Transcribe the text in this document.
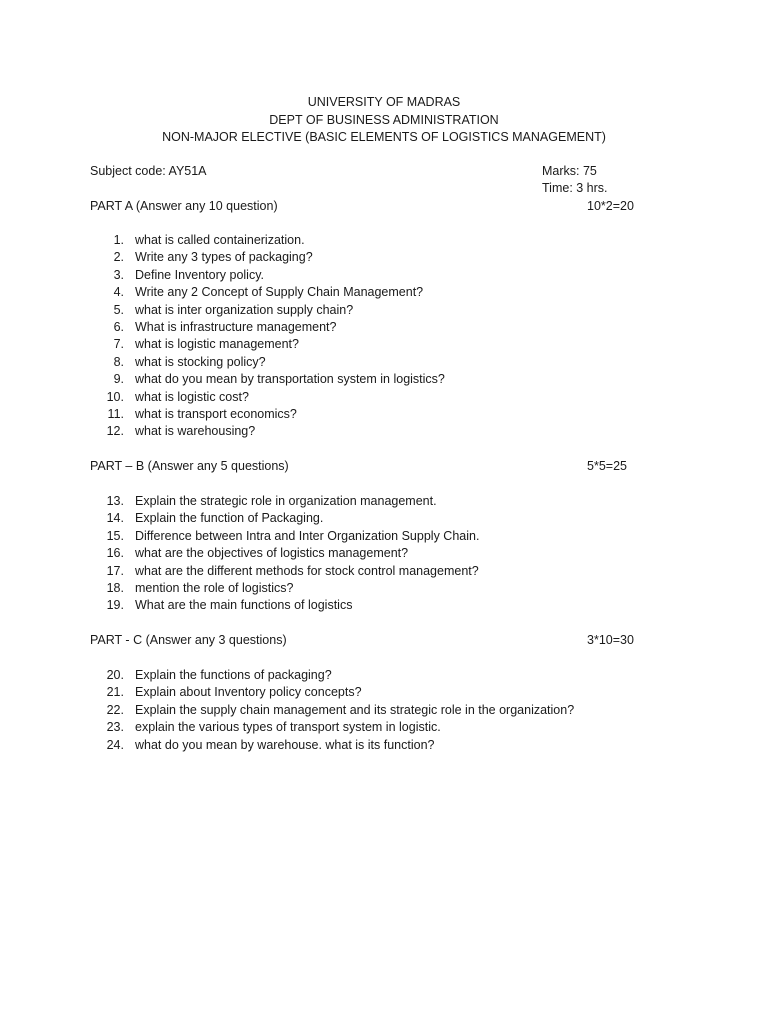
UNIVERSITY OF MADRAS
DEPT OF BUSINESS ADMINISTRATION
NON-MAJOR ELECTIVE (BASIC ELEMENTS OF LOGISTICS MANAGEMENT)
Subject code: AY51A	Marks: 75
Time: 3 hrs.
PART A (Answer any 10 question)	10*2=20
1. what is called containerization.
2. Write any 3 types of packaging?
3. Define Inventory policy.
4. Write any 2 Concept of Supply Chain Management?
5. what is inter organization supply chain?
6. What is infrastructure management?
7. what is logistic management?
8. what is stocking policy?
9. what do you mean by transportation system in logistics?
10. what is logistic cost?
11. what is transport economics?
12. what is warehousing?
PART – B (Answer any 5 questions)	5*5=25
13. Explain the strategic role in organization management.
14. Explain the function of Packaging.
15. Difference between Intra and Inter Organization Supply Chain.
16. what are the objectives of logistics management?
17. what are the different methods for stock control management?
18. mention the role of logistics?
19. What are the main functions of logistics
PART - C (Answer any 3 questions)	3*10=30
20. Explain the functions of packaging?
21. Explain about Inventory policy concepts?
22. Explain the supply chain management and its strategic role in the organization?
23. explain the various types of transport system in logistic.
24. what do you mean by warehouse. what is its function?
